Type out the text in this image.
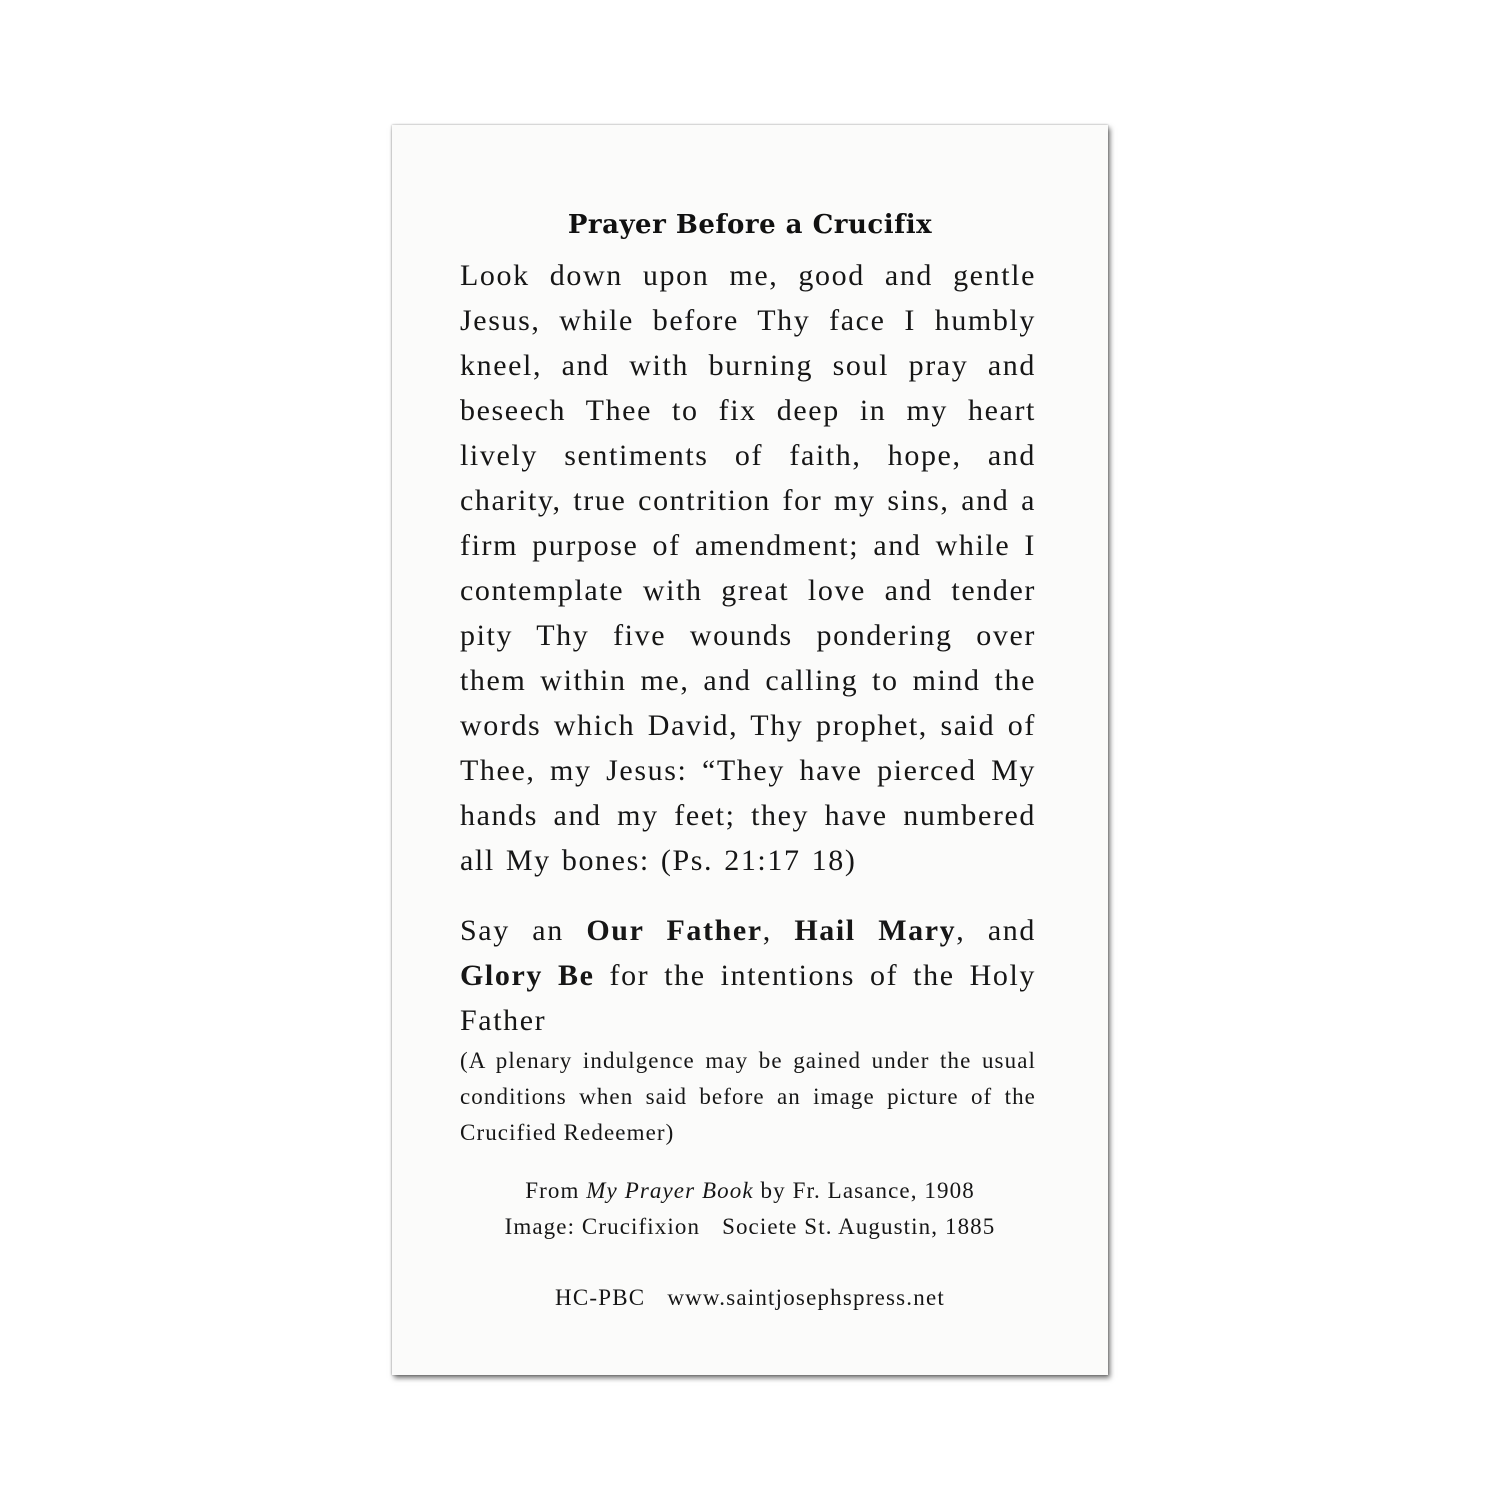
Prayer Before a Crucifix
Look down upon me, good and gentle Jesus, while before Thy face I humbly kneel, and with burning soul pray and beseech Thee to fix deep in my heart lively sentiments of faith, hope, and charity, true contrition for my sins, and a firm purpose of amendment; and while I contemplate with great love and tender pity Thy five wounds pondering over them within me, and calling to mind the words which David, Thy prophet, said of Thee, my Jesus: “They have pierced My hands and my feet; they have numbered all My bones: (Ps. 21:17 18)
Say an Our Father, Hail Mary, and Glory Be for the intentions of the Holy Father
(A plenary indulgence may be gained under the usual conditions when said before an image picture of the Crucified Redeemer)
From My Prayer Book by Fr. Lasance, 1908
Image: Crucifixion Societe St. Augustin, 1885
HC-PBC www.saintjosephspress.net
